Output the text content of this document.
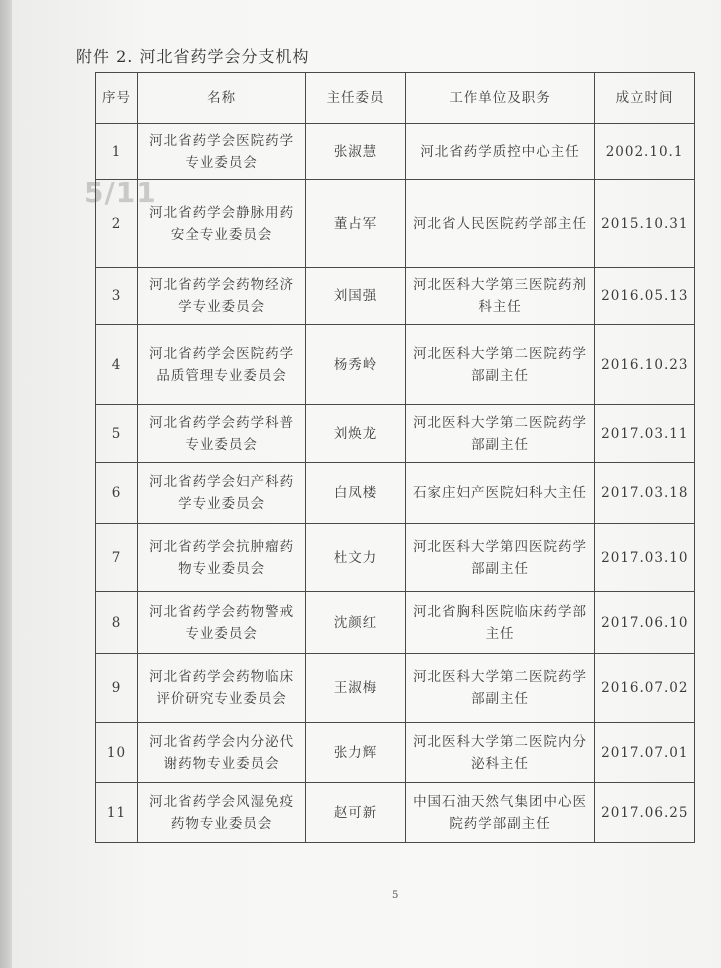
附件 2. 河北省药学会分支机构
5/11
序号	名称	主任委员	工作单位及职务	成立时间
1	河北省药学会医院药学专业委员会	张淑慧	河北省药学质控中心主任	2002.10.1
2	河北省药学会静脉用药安全专业委员会	董占军	河北省人民医院药学部主任	2015.10.31
3	河北省药学会药物经济学专业委员会	刘国强	河北医科大学第三医院药剂科主任	2016.05.13
4	河北省药学会医院药学品质管理专业委员会	杨秀岭	河北医科大学第二医院药学部副主任	2016.10.23
5	河北省药学会药学科普专业委员会	刘焕龙	河北医科大学第二医院药学部副主任	2017.03.11
6	河北省药学会妇产科药学专业委员会	白凤楼	石家庄妇产医院妇科大主任	2017.03.18
7	河北省药学会抗肿瘤药物专业委员会	杜文力	河北医科大学第四医院药学部副主任	2017.03.10
8	河北省药学会药物警戒专业委员会	沈颜红	河北省胸科医院临床药学部主任	2017.06.10
9	河北省药学会药物临床评价研究专业委员会	王淑梅	河北医科大学第二医院药学部副主任	2016.07.02
10	河北省药学会内分泌代谢药物专业委员会	张力辉	河北医科大学第二医院内分泌科主任	2017.07.01
11	河北省药学会风湿免疫药物专业委员会	赵可新	中国石油天然气集团中心医院药学部副主任	2017.06.25
5
